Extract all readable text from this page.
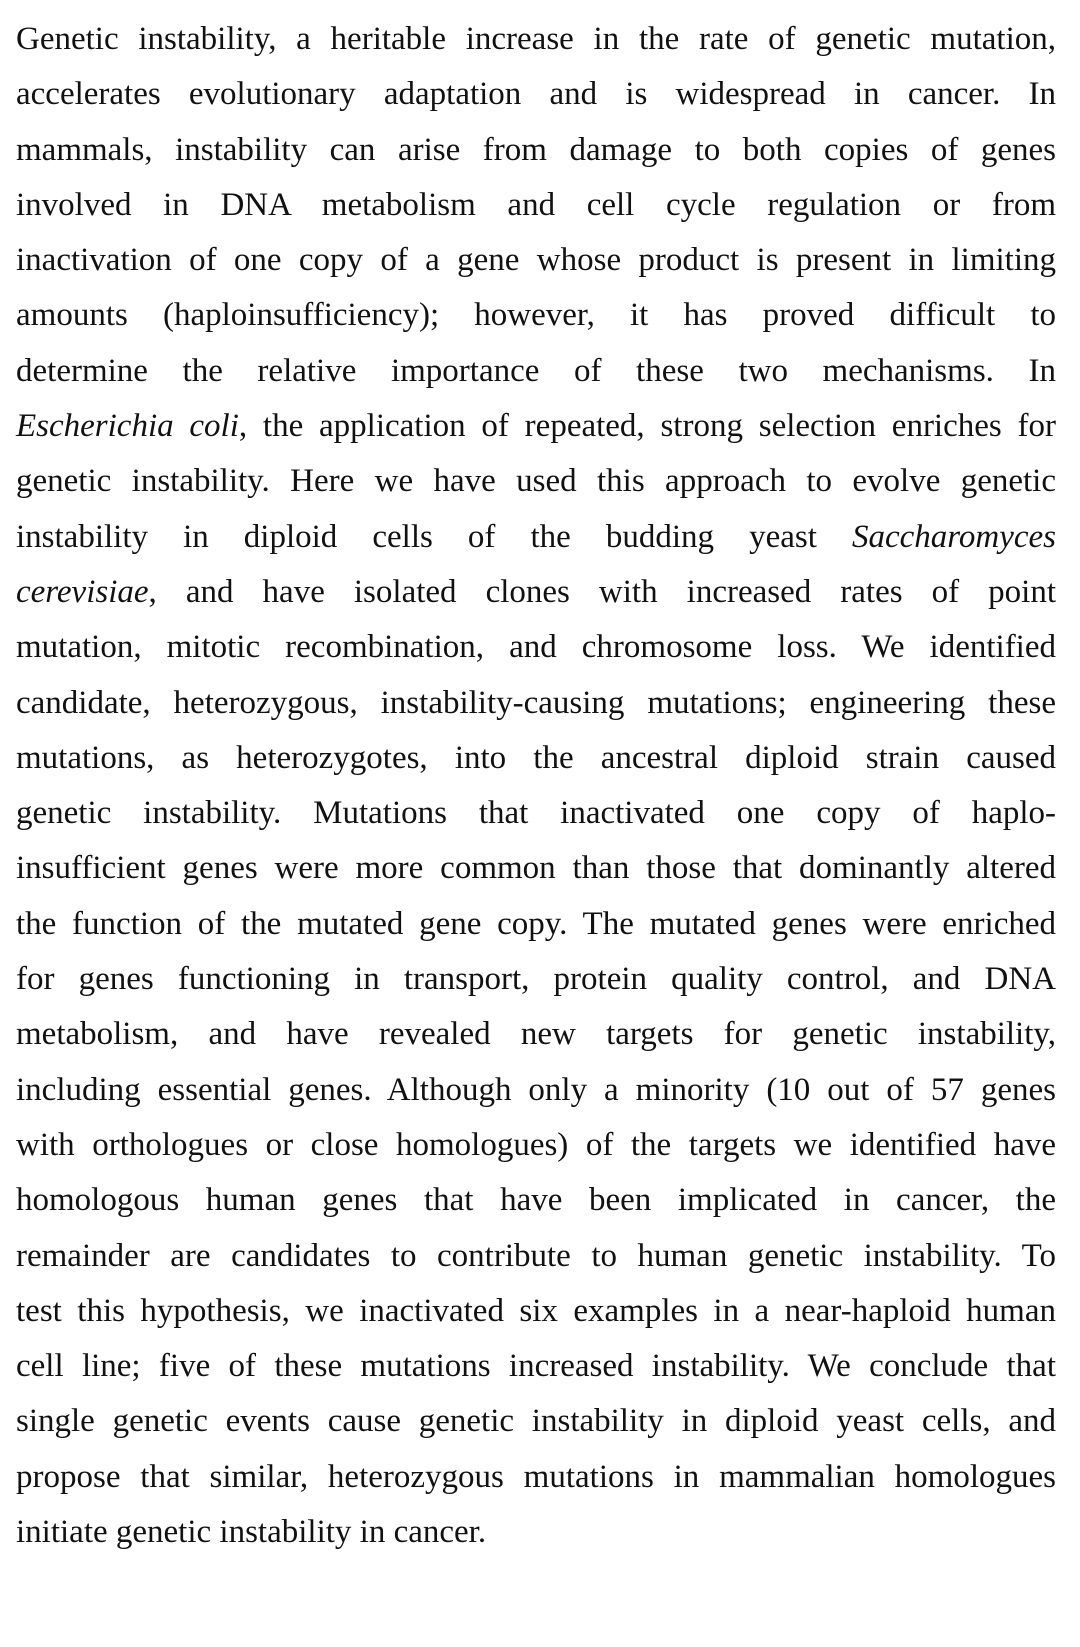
Genetic instability, a heritable increase in the rate of genetic mutation,
accelerates evolutionary adaptation and is widespread in cancer. In
mammals, instability can arise from damage to both copies of genes
involved in DNA metabolism and cell cycle regulation or from
inactivation of one copy of a gene whose product is present in limiting
amounts (haploinsufficiency); however, it has proved difficult to
determine the relative importance of these two mechanisms. In
Escherichia coli, the application of repeated, strong selection enriches for
genetic instability. Here we have used this approach to evolve genetic
instability in diploid cells of the budding yeast Saccharomyces
cerevisiae, and have isolated clones with increased rates of point
mutation, mitotic recombination, and chromosome loss. We identified
candidate, heterozygous, instability-causing mutations; engineering these
mutations, as heterozygotes, into the ancestral diploid strain caused
genetic instability. Mutations that inactivated one copy of haplo-
insufficient genes were more common than those that dominantly altered
the function of the mutated gene copy. The mutated genes were enriched
for genes functioning in transport, protein quality control, and DNA
metabolism, and have revealed new targets for genetic instability,
including essential genes. Although only a minority (10 out of 57 genes
with orthologues or close homologues) of the targets we identified have
homologous human genes that have been implicated in cancer, the
remainder are candidates to contribute to human genetic instability. To
test this hypothesis, we inactivated six examples in a near-haploid human
cell line; five of these mutations increased instability. We conclude that
single genetic events cause genetic instability in diploid yeast cells, and
propose that similar, heterozygous mutations in mammalian homologues
initiate genetic instability in cancer.
